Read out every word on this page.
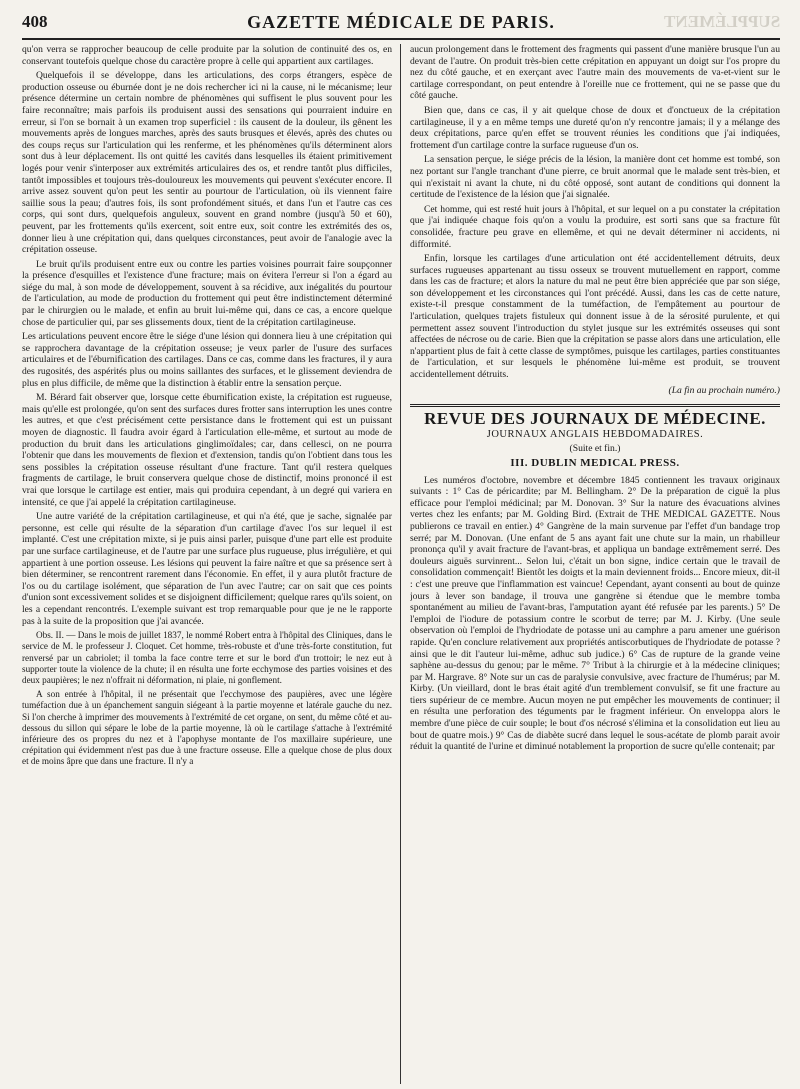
408	GAZETTE MÉDICALE DE PARIS.	SUPPLÉMENT

qu'on verra se rapprocher beaucoup de celle produite par la solution de continuité des os, en conservant toutefois quelque chose du caractère propre à celle qui appartient aux cartilages.

Quelquefois il se développe, dans les articulations, des corps étrangers, espèce de production osseuse ou éburnée dont je ne dois rechercher ici ni la cause, ni le mécanisme; leur présence détermine un certain nombre de phénomènes qui suffisent le plus souvent pour les faire reconnaître; mais parfois ils produisent aussi des sensations qui pourraient induire en erreur, si l'on se bornait à un examen trop superficiel : ils causent de la douleur, ils gênent les mouvements après de longues marches, après des sauts brusques et élevés, après des chutes ou des coups reçus sur l'articulation qui les renferme, et les phénomènes qu'ils déterminent alors sont dus à leur déplacement. Ils ont quitté les cavités dans lesquelles ils étaient primitivement logés pour venir s'interposer aux extrémités articulaires des os, et rendre tantôt plus difficiles, tantôt impossibles et toujours très-douloureux les mouvements qui peuvent s'exécuter encore. Il arrive assez souvent qu'on peut les sentir au pourtour de l'articulation, où ils viennent faire saillie sous la peau; d'autres fois, ils sont profondément situés, et dans l'un et l'autre cas ces corps, qui sont durs, quelquefois anguleux, souvent en grand nombre (jusqu'à 50 et 60), peuvent, par les frottements qu'ils exercent, soit entre eux, soit contre les extrémités des os, donner lieu à une crépitation qui, dans quelques circonstances, peut avoir de l'analogie avec la crépitation osseuse.

Le bruit qu'ils produisent entre eux ou contre les parties voisines pourrait faire soupçonner la présence d'esquilles et l'existence d'une fracture; mais on évitera l'erreur si l'on a égard au siége du mal, à son mode de développement, souvent à sa récidive, aux inégalités du pourtour de l'articulation, au mode de production du frottement qui peut être indistinctement déterminé par le chirurgien ou le malade, et enfin au bruit lui-même qui, dans ce cas, a encore quelque chose de particulier qui, par ses glissements doux, tient de la crépitation cartilagineuse.

Les articulations peuvent encore être le siége d'une lésion qui donnera lieu à une crépitation qui se rapprochera davantage de la crépitation osseuse; je veux parler de l'usure des surfaces articulaires et de l'éburnification des cartilages. Dans ce cas, comme dans les fractures, il y aura des rugosités, des aspérités plus ou moins saillantes des surfaces, et le glissement deviendra de plus en plus difficile, de même que la distinction à établir entre la sensation perçue.

M. Bérard fait observer que, lorsque cette éburnification existe, la crépitation est rugueuse, mais qu'elle est prolongée, qu'on sent des surfaces dures frotter sans interruption les unes contre les autres, et que c'est précisément cette persistance dans le frottement qui est un puissant moyen de diagnostic. Il faudra avoir égard à l'articulation elle-même, et surtout au mode de production du bruit dans les articulations ginglimoïdales; car, dans cellesci, on ne pourra l'obtenir que dans les mouvements de flexion et d'extension, tandis qu'on l'obtient dans tous les sens possibles la crépitation osseuse résultant d'une fracture. Tant qu'il restera quelques fragments de cartilage, le bruit conservera quelque chose de distinctif, moins prononcé il est vrai que lorsque le cartilage est entier, mais qui produira cependant, à un degré qui variera en intensité, ce que j'ai appelé la crépitation cartilagineuse.

Une autre variété de la crépitation cartilagineuse, et qui n'a été, que je sache, signalée par personne, est celle qui résulte de la séparation d'un cartilage d'avec l'os sur lequel il est implanté. C'est une crépitation mixte, si je puis ainsi parler, puisque d'une part elle est produite par une surface cartilagineuse, et de l'autre par une surface plus rugueuse, plus irrégulière, et qui appartient à une portion osseuse. Les lésions qui peuvent la faire naître et que sa présence sert à bien déterminer, se rencontrent rarement dans l'économie. En effet, il y aura plutôt fracture de l'os ou du cartilage isolément, que séparation de l'un avec l'autre; car on sait que ces points d'union sont excessivement solides et se disjoignent difficilement; quelque rares qu'ils soient, on les a cependant rencontrés. L'exemple suivant est trop remarquable pour que je ne le rapporte pas à la suite de la proposition que j'ai avancée.

Obs. II. — Dans le mois de juillet 1837, le nommé Robert entra à l'hôpital des Cliniques, dans le service de M. le professeur J. Cloquet. Cet homme, très-robuste et d'une très-forte constitution, fut renversé par un cabriolet; il tomba la face contre terre et sur le bord d'un trottoir; le nez eut à supporter toute la violence de la chute; il en résulta une forte ecchymose des parties voisines et des deux paupières; le nez n'offrait ni déformation, ni plaie, ni gonflement.

A son entrée à l'hôpital, il ne présentait que l'ecchymose des paupières, avec une légère tuméfaction due à un épanchement sanguin siégeant à la partie moyenne et latérale gauche du nez. Si l'on cherche à imprimer des mouvements à l'extrémité de cet organe, on sent, du même côté et au-dessous du sillon qui sépare le lobe de la partie moyenne, là où le cartilage s'attache à l'extrémité inférieure des os propres du nez et à l'apophyse montante de l'os maxillaire supérieure, une crépitation qui évidemment n'est pas due à une fracture osseuse. Elle a quelque chose de plus doux et de moins âpre que dans une fracture. Il n'y a

aucun prolongement dans le frottement des fragments qui passent d'une manière brusque l'un au devant de l'autre. On produit très-bien cette crépitation en appuyant un doigt sur l'os propre du nez du côté gauche, et en exerçant avec l'autre main des mouvements de va-et-vient sur le cartilage correspondant, on peut entendre à l'oreille nue ce frottement, qui ne se passe que du côté gauche.

Bien que, dans ce cas, il y ait quelque chose de doux et d'onctueux de la crépitation cartilagineuse, il y a en même temps une dureté qu'on n'y rencontre jamais; il y a mélange des deux crépitations, parce qu'en effet se trouvent réunies les conditions que j'ai indiquées, frottement d'un cartilage contre la surface rugueuse d'un os.

La sensation perçue, le siége précis de la lésion, la manière dont cet homme est tombé, son nez portant sur l'angle tranchant d'une pierre, ce bruit anormal que le malade sent très-bien, et qui n'existait ni avant la chute, ni du côté opposé, sont autant de conditions qui donnent la certitude de l'existence de la lésion que j'ai signalée.

Cet homme, qui est resté huit jours à l'hôpital, et sur lequel on a pu constater la crépitation que j'ai indiquée chaque fois qu'on a voulu la produire, est sorti sans que sa fracture fût consolidée, fracture peu grave en ellemême, et qui ne devait déterminer ni accidents, ni difformité.

Enfin, lorsque les cartilages d'une articulation ont été accidentellement détruits, deux surfaces rugueuses appartenant au tissu osseux se trouvent mutuellement en rapport, comme dans les cas de fracture; et alors la nature du mal ne peut être bien appréciée que par son siége, son développement et les circonstances qui l'ont précédé. Aussi, dans les cas de cette nature, existe-t-il presque constamment de la tuméfaction, de l'empâtement au pourtour de l'articulation, quelques trajets fistuleux qui donnent issue à de la sérosité purulente, et qui permettent assez souvent l'introduction du stylet jusque sur les extrémités osseuses qui sont affectées de nécrose ou de carie. Bien que la crépitation se passe alors dans une articulation, elle n'appartient plus de fait à cette classe de symptômes, puisque les cartilages, parties constituantes de l'articulation, et sur lesquels le phénomène lui-même est produit, se trouvent accidentellement détruits.

(La fin au prochain numéro.)
REVUE DES JOURNAUX DE MÉDECINE.
JOURNAUX ANGLAIS HEBDOMADAIRES.
(Suite et fin.)
III. DUBLIN MEDICAL PRESS.

Les numéros d'octobre, novembre et décembre 1845 contiennent les travaux originaux suivants : 1° Cas de péricardite; par M. Bellingham. 2° De la préparation de ciguë la plus efficace pour l'emploi médicinal; par M. Donovan. 3° Sur la nature des évacuations alvines vertes chez les enfants; par M. Golding Bird. (Extrait de THE MEDICAL GAZETTE. Nous publierons ce travail en entier.) 4° Gangrène de la main survenue par l'effet d'un bandage trop serré; par M. Donovan. (Une enfant de 5 ans ayant fait une chute sur la main, un rhabilleur prononça qu'il y avait fracture de l'avant-bras, et appliqua un bandage extrêmement serré. Des douleurs aiguës survinrent... Selon lui, c'était un bon signe, indice certain que le travail de consolidation commençait! Bientôt les doigts et la main deviennent froids... Encore mieux, dit-il : c'est une preuve que l'inflammation est vaincue! Cependant, ayant consenti au bout de quinze jours à lever son bandage, il trouva une gangrène si étendue que le membre tomba spontanément au milieu de l'avant-bras, l'amputation ayant été refusée par les parents.) 5° De l'emploi de l'iodure de potassium contre le scorbut de terre; par M. J. Kirby. (Une seule observation où l'emploi de l'hydriodate de potasse uni au camphre a paru amener une guérison rapide. Qu'en conclure relativement aux propriétés antiscorbutiques de l'hydriodate de potasse ? ainsi que le dit l'auteur lui-même, adhuc sub judice.) 6° Cas de rupture de la grande veine saphène au-dessus du genou; par le même. 7° Tribut à la chirurgie et à la médecine cliniques; par M. Hargrave. 8° Note sur un cas de paralysie convulsive, avec fracture de l'humérus; par M. Kirby. (Un vieillard, dont le bras était agité d'un tremblement convulsif, se fit une fracture au tiers supérieur de ce membre. Aucun moyen ne put empêcher les mouvements de continuer; il en résulta une perforation des téguments par le fragment inférieur. On enveloppa alors le membre d'une pièce de cuir souple; le bout d'os nécrosé s'élimina et la consolidation eut lieu au bout de quatre mois.) 9° Cas de diabète sucré dans lequel le sous-acétate de plomb parait avoir réduit la quantité de l'urine et diminué notablement la proportion de sucre qu'elle contenait; par
